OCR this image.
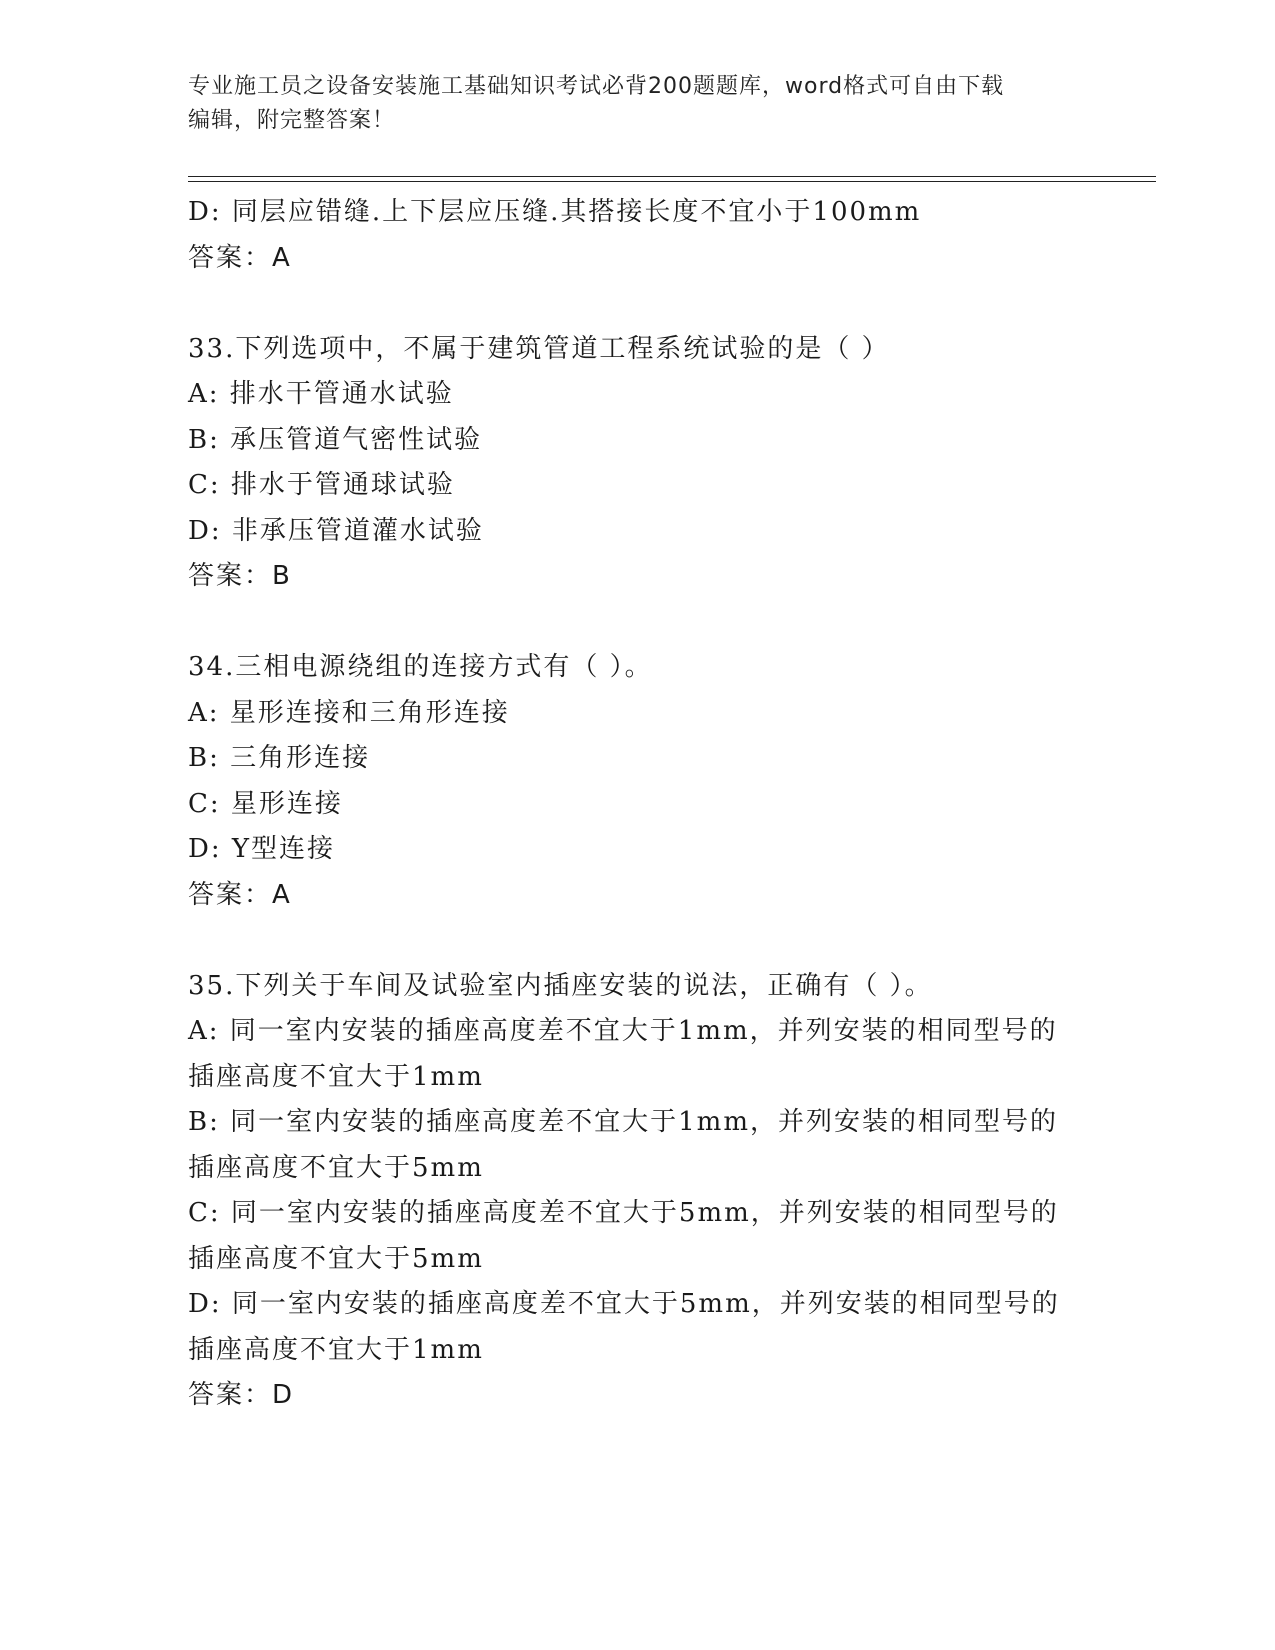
专业施工员之设备安装施工基础知识考试必背200题题库，word格式可自由下载
编辑，附完整答案！
D: 同层应错缝.上下层应压缝.其搭接长度不宜小于100mm
答案：A
33.下列选项中，不属于建筑管道工程系统试验的是（ ）
A: 排水干管通水试验
B: 承压管道气密性试验
C: 排水于管通球试验
D: 非承压管道灌水试验
答案：B
34.三相电源绕组的连接方式有（ ）。
A: 星形连接和三角形连接
B: 三角形连接
C: 星形连接
D: Y型连接
答案：A
35.下列关于车间及试验室内插座安装的说法，正确有（ ）。
A: 同一室内安装的插座高度差不宜大于1mm，并列安装的相同型号的
插座高度不宜大于1mm
B: 同一室内安装的插座高度差不宜大于1mm，并列安装的相同型号的
插座高度不宜大于5mm
C: 同一室内安装的插座高度差不宜大于5mm，并列安装的相同型号的
插座高度不宜大于5mm
D: 同一室内安装的插座高度差不宜大于5mm，并列安装的相同型号的
插座高度不宜大于1mm
答案：D
